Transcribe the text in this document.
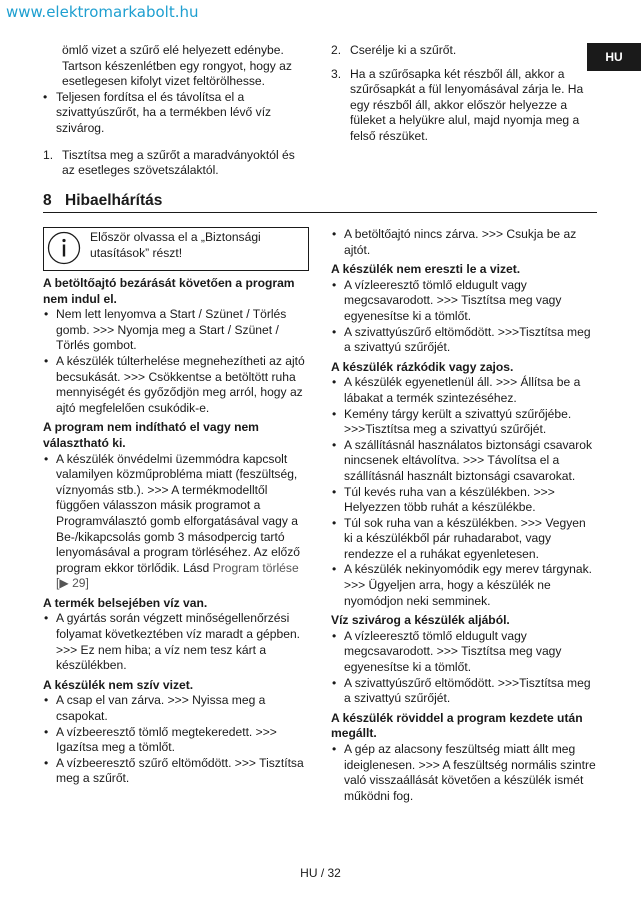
www.elektromarkabolt.hu
HU

ömlő vizet a szűrő elé helyezett edénybe. Tartson készenlétben egy rongyot, hogy az esetlegesen kifolyt vizet feltörölhesse.

• Teljesen fordítsa el és távolítsa el a szivattyúszűrőt, ha a termékben lévő víz szivárog.

1. Tisztítsa meg a szűrőt a maradványoktól és az esetleges szövetszálaktól.
2. Cserélje ki a szűrőt.
3. Ha a szűrősapka két részből áll, akkor a szűrősapkát a fül lenyomásával zárja le. Ha egy részből áll, akkor először helyezze a füleket a helyükre alul, majd nyomja meg a felső részüket.
8 Hibaelhárítás

Először olvassa el a „Biztonsági utasítások” részt!

A betöltőajtó bezárását követően a program nem indul el.
• Nem lett lenyomva a Start / Szünet / Törlés gomb. >>> Nyomja meg a Start / Szünet / Törlés gombot.
• A készülék túlterhelése megnehezítheti az ajtó becsukását. >>> Csökkentse a betöltött ruha mennyiségét és győződjön meg arról, hogy az ajtó megfelelően csukódik-e.
A program nem indítható el vagy nem választható ki.
• A készülék önvédelmi üzemmódra kapcsolt valamilyen közműprobléma miatt (feszültség, víznyomás stb.). >>> A termékmodelltől függően válasszon másik programot a Programválasztó gomb elforgatásával vagy a Be-/kikapcsolás gomb 3 másodpercig tartó lenyomásával a program törléséhez. Az előző program ekkor törlődik. Lásd Program törlése
[▶ 29]
A termék belsejében víz van.
• A gyártás során végzett minőségellenőrzési folyamat következtében víz maradt a gépben. >>> Ez nem hiba; a víz nem tesz kárt a készülékben.
A készülék nem szív vizet.
• A csap el van zárva. >>> Nyissa meg a csapokat.
• A vízbeeresztő tömlő megtekeredett. >>> Igazítsa meg a tömlőt.
• A vízbeeresztő szűrő eltömődött. >>> Tisztítsa meg a szűrőt.
• A betöltőajtó nincs zárva. >>> Csukja be az ajtót.
A készülék nem ereszti le a vizet.
• A vízleeresztő tömlő eldugult vagy megcsavarodott. >>> Tisztítsa meg vagy egyenesítse ki a tömlőt.
• A szivattyúszűrő eltömődött. >>>Tisztítsa meg a szivattyú szűrőjét.
A készülék rázkódik vagy zajos.
• A készülék egyenetlenül áll. >>> Állítsa be a lábakat a termék szintezéséhez.
• Kemény tárgy került a szivattyú szűrőjébe. >>>Tisztítsa meg a szivattyú szűrőjét.
• A szállításnál használatos biztonsági csavarok nincsenek eltávolítva. >>> Távolítsa el a szállításnál használt biztonsági csavarokat.
• Túl kevés ruha van a készülékben. >>> Helyezzen több ruhát a készülékbe.
• Túl sok ruha van a készülékben. >>> Vegyen ki a készülékből pár ruhadarabot, vagy rendezze el a ruhákat egyenletesen.
• A készülék nekinyomódik egy merev tárgynak. >>> Ügyeljen arra, hogy a készülék ne nyomódjon neki semminek.
Víz szivárog a készülék aljából.
• A vízleeresztő tömlő eldugult vagy megcsavarodott. >>> Tisztítsa meg vagy egyenesítse ki a tömlőt.
• A szivattyúszűrő eltömődött. >>>Tisztítsa meg a szivattyú szűrőjét.
A készülék röviddel a program kezdete után megállt.
• A gép az alacsony feszültség miatt állt meg ideiglenesen. >>> A feszültség normális szintre való visszaállását követően a készülék ismét működni fog.
HU / 32
